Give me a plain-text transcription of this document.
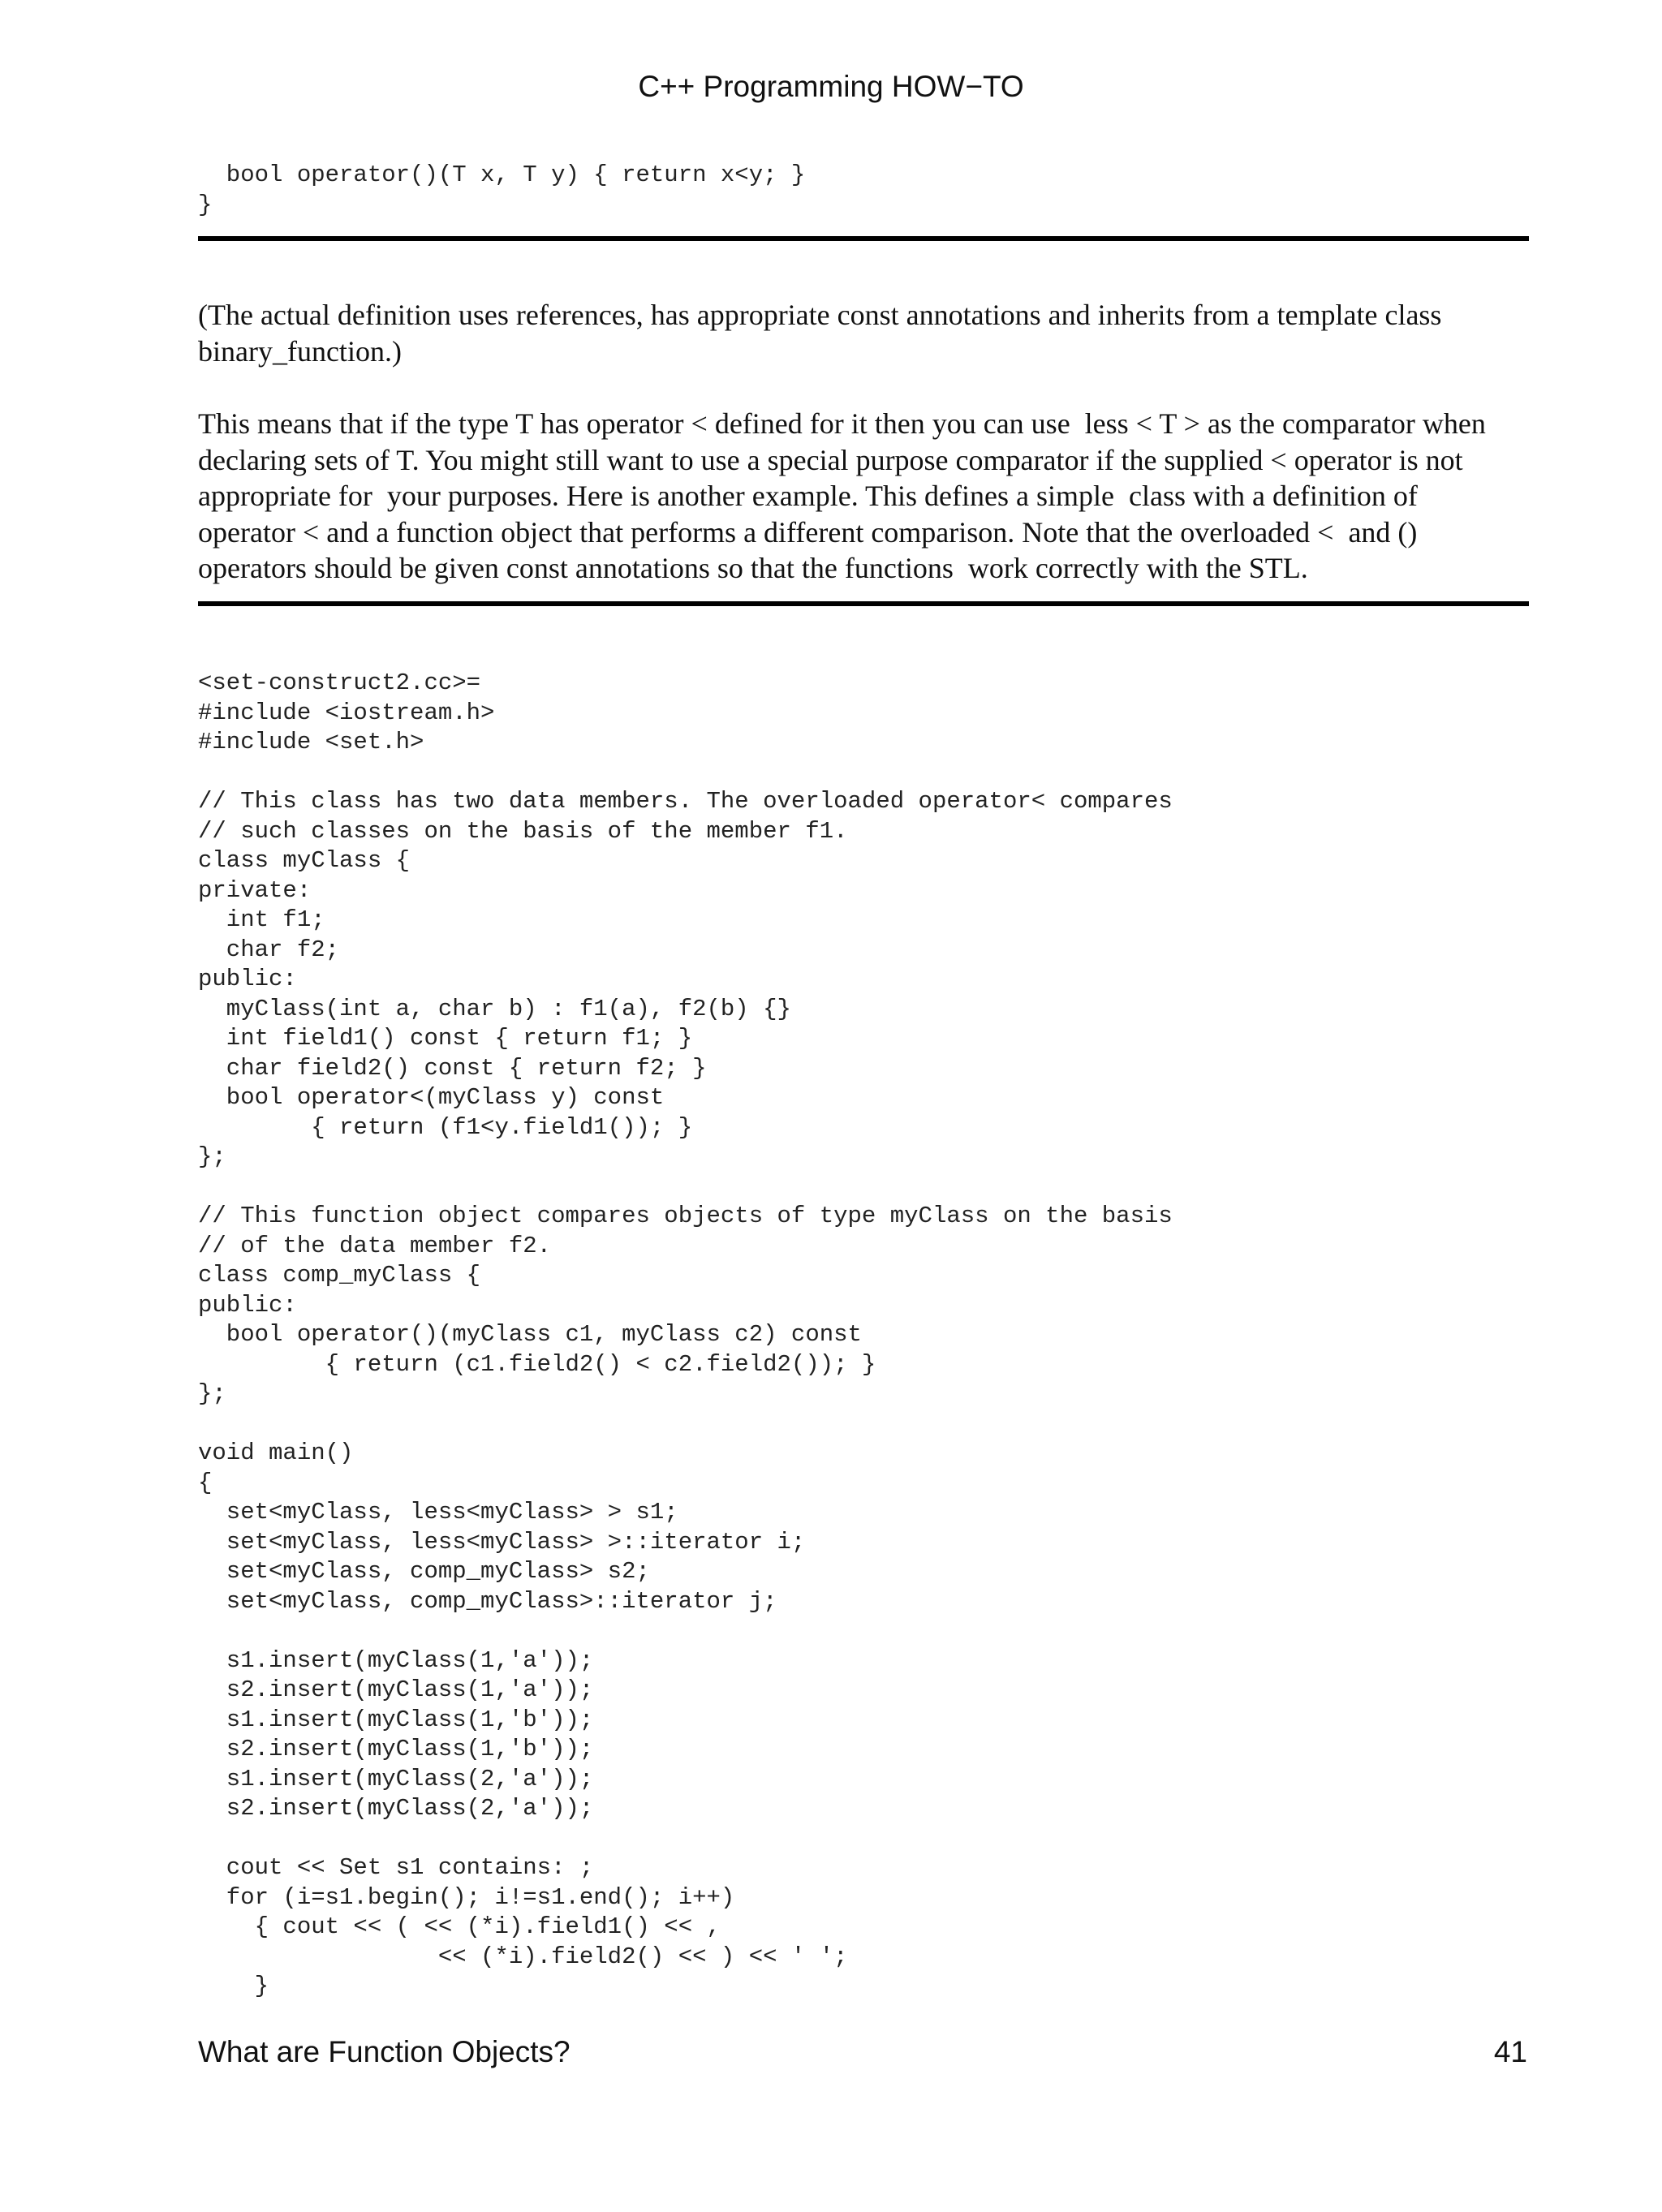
C++ Programming HOW−TO
bool operator()(T x, T y) { return x<y; }
}

(The actual definition uses references, has appropriate const annotations and inherits from a template class
binary_function.)

This means that if the type T has operator < defined for it then you can use  less < T > as the comparator when
declaring sets of T. You might still want to use a special purpose comparator if the supplied < operator is not
appropriate for  your purposes. Here is another example. This defines a simple  class with a definition of
operator < and a function object that performs a different comparison. Note that the overloaded <  and ()
operators should be given const annotations so that the functions  work correctly with the STL.

<set-construct2.cc>=
#include <iostream.h>
#include <set.h>

// This class has two data members. The overloaded operator< compares
// such classes on the basis of the member f1.
class myClass {
private:
int f1;
char f2;
public:
myClass(int a, char b) : f1(a), f2(b) {}
int field1() const { return f1; }
char field2() const { return f2; }
bool operator<(myClass y) const
{ return (f1<y.field1()); }
};

// This function object compares objects of type myClass on the basis
// of the data member f2.
class comp_myClass {
public:
bool operator()(myClass c1, myClass c2) const
{ return (c1.field2() < c2.field2()); }
};

void main()
{
set<myClass, less<myClass> > s1;
set<myClass, less<myClass> >::iterator i;
set<myClass, comp_myClass> s2;
set<myClass, comp_myClass>::iterator j;

s1.insert(myClass(1,'a'));
s2.insert(myClass(1,'a'));
s1.insert(myClass(1,'b'));
s2.insert(myClass(1,'b'));
s1.insert(myClass(2,'a'));
s2.insert(myClass(2,'a'));

cout << Set s1 contains: ;
for (i=s1.begin(); i!=s1.end(); i++)
{ cout << ( << (*i).field1() << ,
<< (*i).field2() << ) << ' ';
}
What are Function Objects?	41
